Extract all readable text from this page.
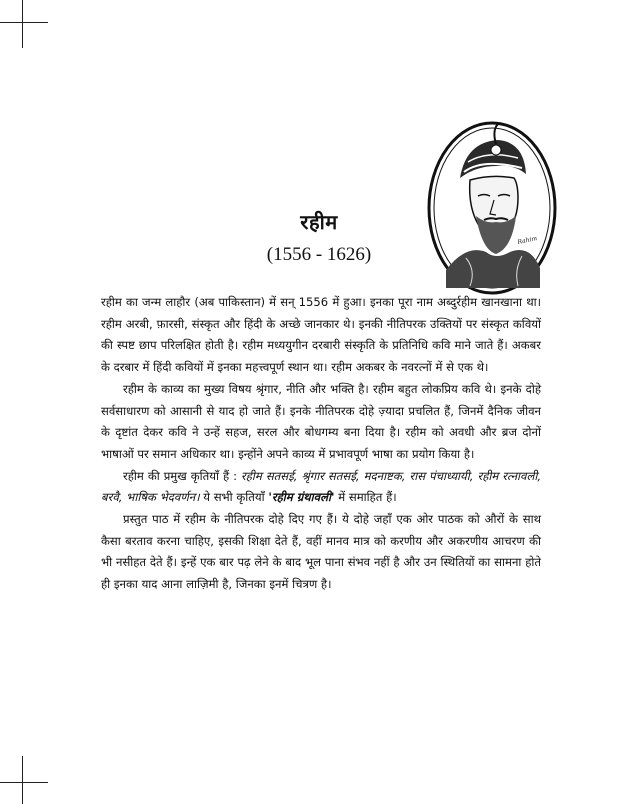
Rahim
रहीम
(1556 - 1626)

रहीम का जन्म लाहौर (अब पाकिस्तान) में सन् 1556 में हुआ। इनका पूरा नाम अब्दुर्रहीम खानखाना था। रहीम अरबी, फ़ारसी, संस्कृत और हिंदी के अच्छे जानकार थे। इनकी नीतिपरक उक्तियों पर संस्कृत कवियों की स्पष्ट छाप परिलक्षित होती है। रहीम मध्ययुगीन दरबारी संस्कृति के प्रतिनिधि कवि माने जाते हैं। अकबर के दरबार में हिंदी कवियों में इनका महत्त्वपूर्ण स्थान था। रहीम अकबर के नवरत्नों में से एक थे।

रहीम के काव्य का मुख्य विषय श्रृंगार, नीति और भक्ति है। रहीम बहुत लोकप्रिय कवि थे। इनके दोहे सर्वसाधारण को आसानी से याद हो जाते हैं। इनके नीतिपरक दोहे ज़्यादा प्रचलित हैं, जिनमें दैनिक जीवन के दृष्टांत देकर कवि ने उन्हें सहज, सरल और बोधगम्य बना दिया है। रहीम को अवधी और ब्रज दोनों भाषाओं पर समान अधिकार था। इन्होंने अपने काव्य में प्रभावपूर्ण भाषा का प्रयोग किया है।

रहीम की प्रमुख कृतियाँ हैं : रहीम सतसई, श्रृंगार सतसई, मदनाष्टक, रास पंचाध्यायी, रहीम रत्नावली, बरवै, भाषिक भेदवर्णन। ये सभी कृतियाँ 'रहीम ग्रंथावली' में समाहित हैं।

प्रस्तुत पाठ में रहीम के नीतिपरक दोहे दिए गए हैं। ये दोहे जहाँ एक ओर पाठक को औरों के साथ कैसा बरताव करना चाहिए, इसकी शिक्षा देते हैं, वहीं मानव मात्र को करणीय और अकरणीय आचरण की भी नसीहत देते हैं। इन्हें एक बार पढ़ लेने के बाद भूल पाना संभव नहीं है और उन स्थितियों का सामना होते ही इनका याद आना लाज़िमी है, जिनका इनमें चित्रण है।
